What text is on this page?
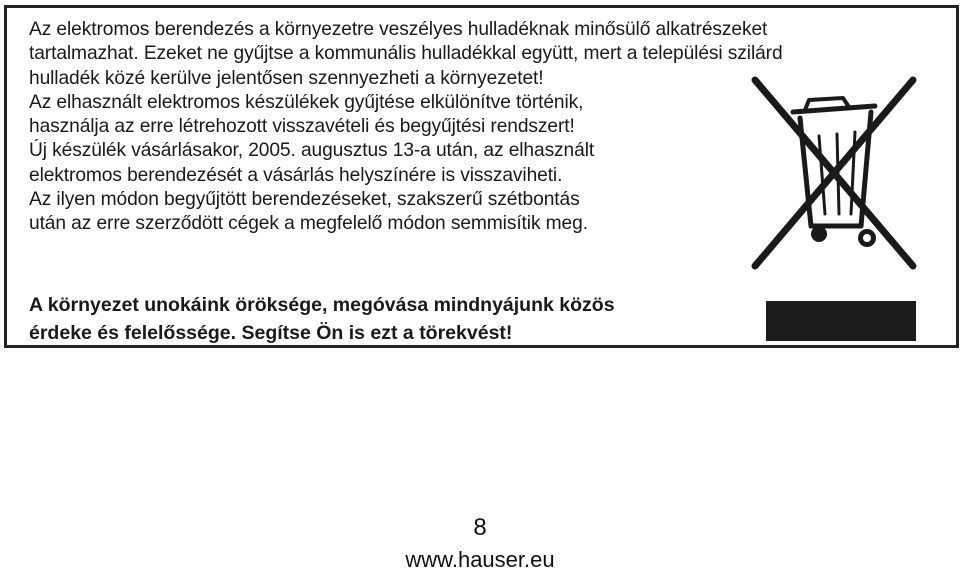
Az elektromos berendezés a környezetre veszélyes hulladéknak minősülő alkatrészeket
tartalmazhat. Ezeket ne gyűjtse a kommunális hulladékkal együtt, mert a települési szilárd
hulladék közé kerülve jelentősen szennyezheti a környezetet!
Az elhasznált elektromos készülékek gyűjtése elkülönítve történik,
használja az erre létrehozott visszavételi és begyűjtési rendszert!
Új készülék vásárlásakor, 2005. augusztus 13-a után, az elhasznált
elektromos berendezését a vásárlás helyszínére is visszaviheti.
Az ilyen módon begyűjtött berendezéseket, szakszerű szétbontás
után az erre szerződött cégek a megfelelő módon semmisítik meg.

A környezet unokáink öröksége, megóvása mindnyájunk közös
érdeke és felelőssége. Segítse Ön is ezt a törekvést!

8
www.hauser.eu
